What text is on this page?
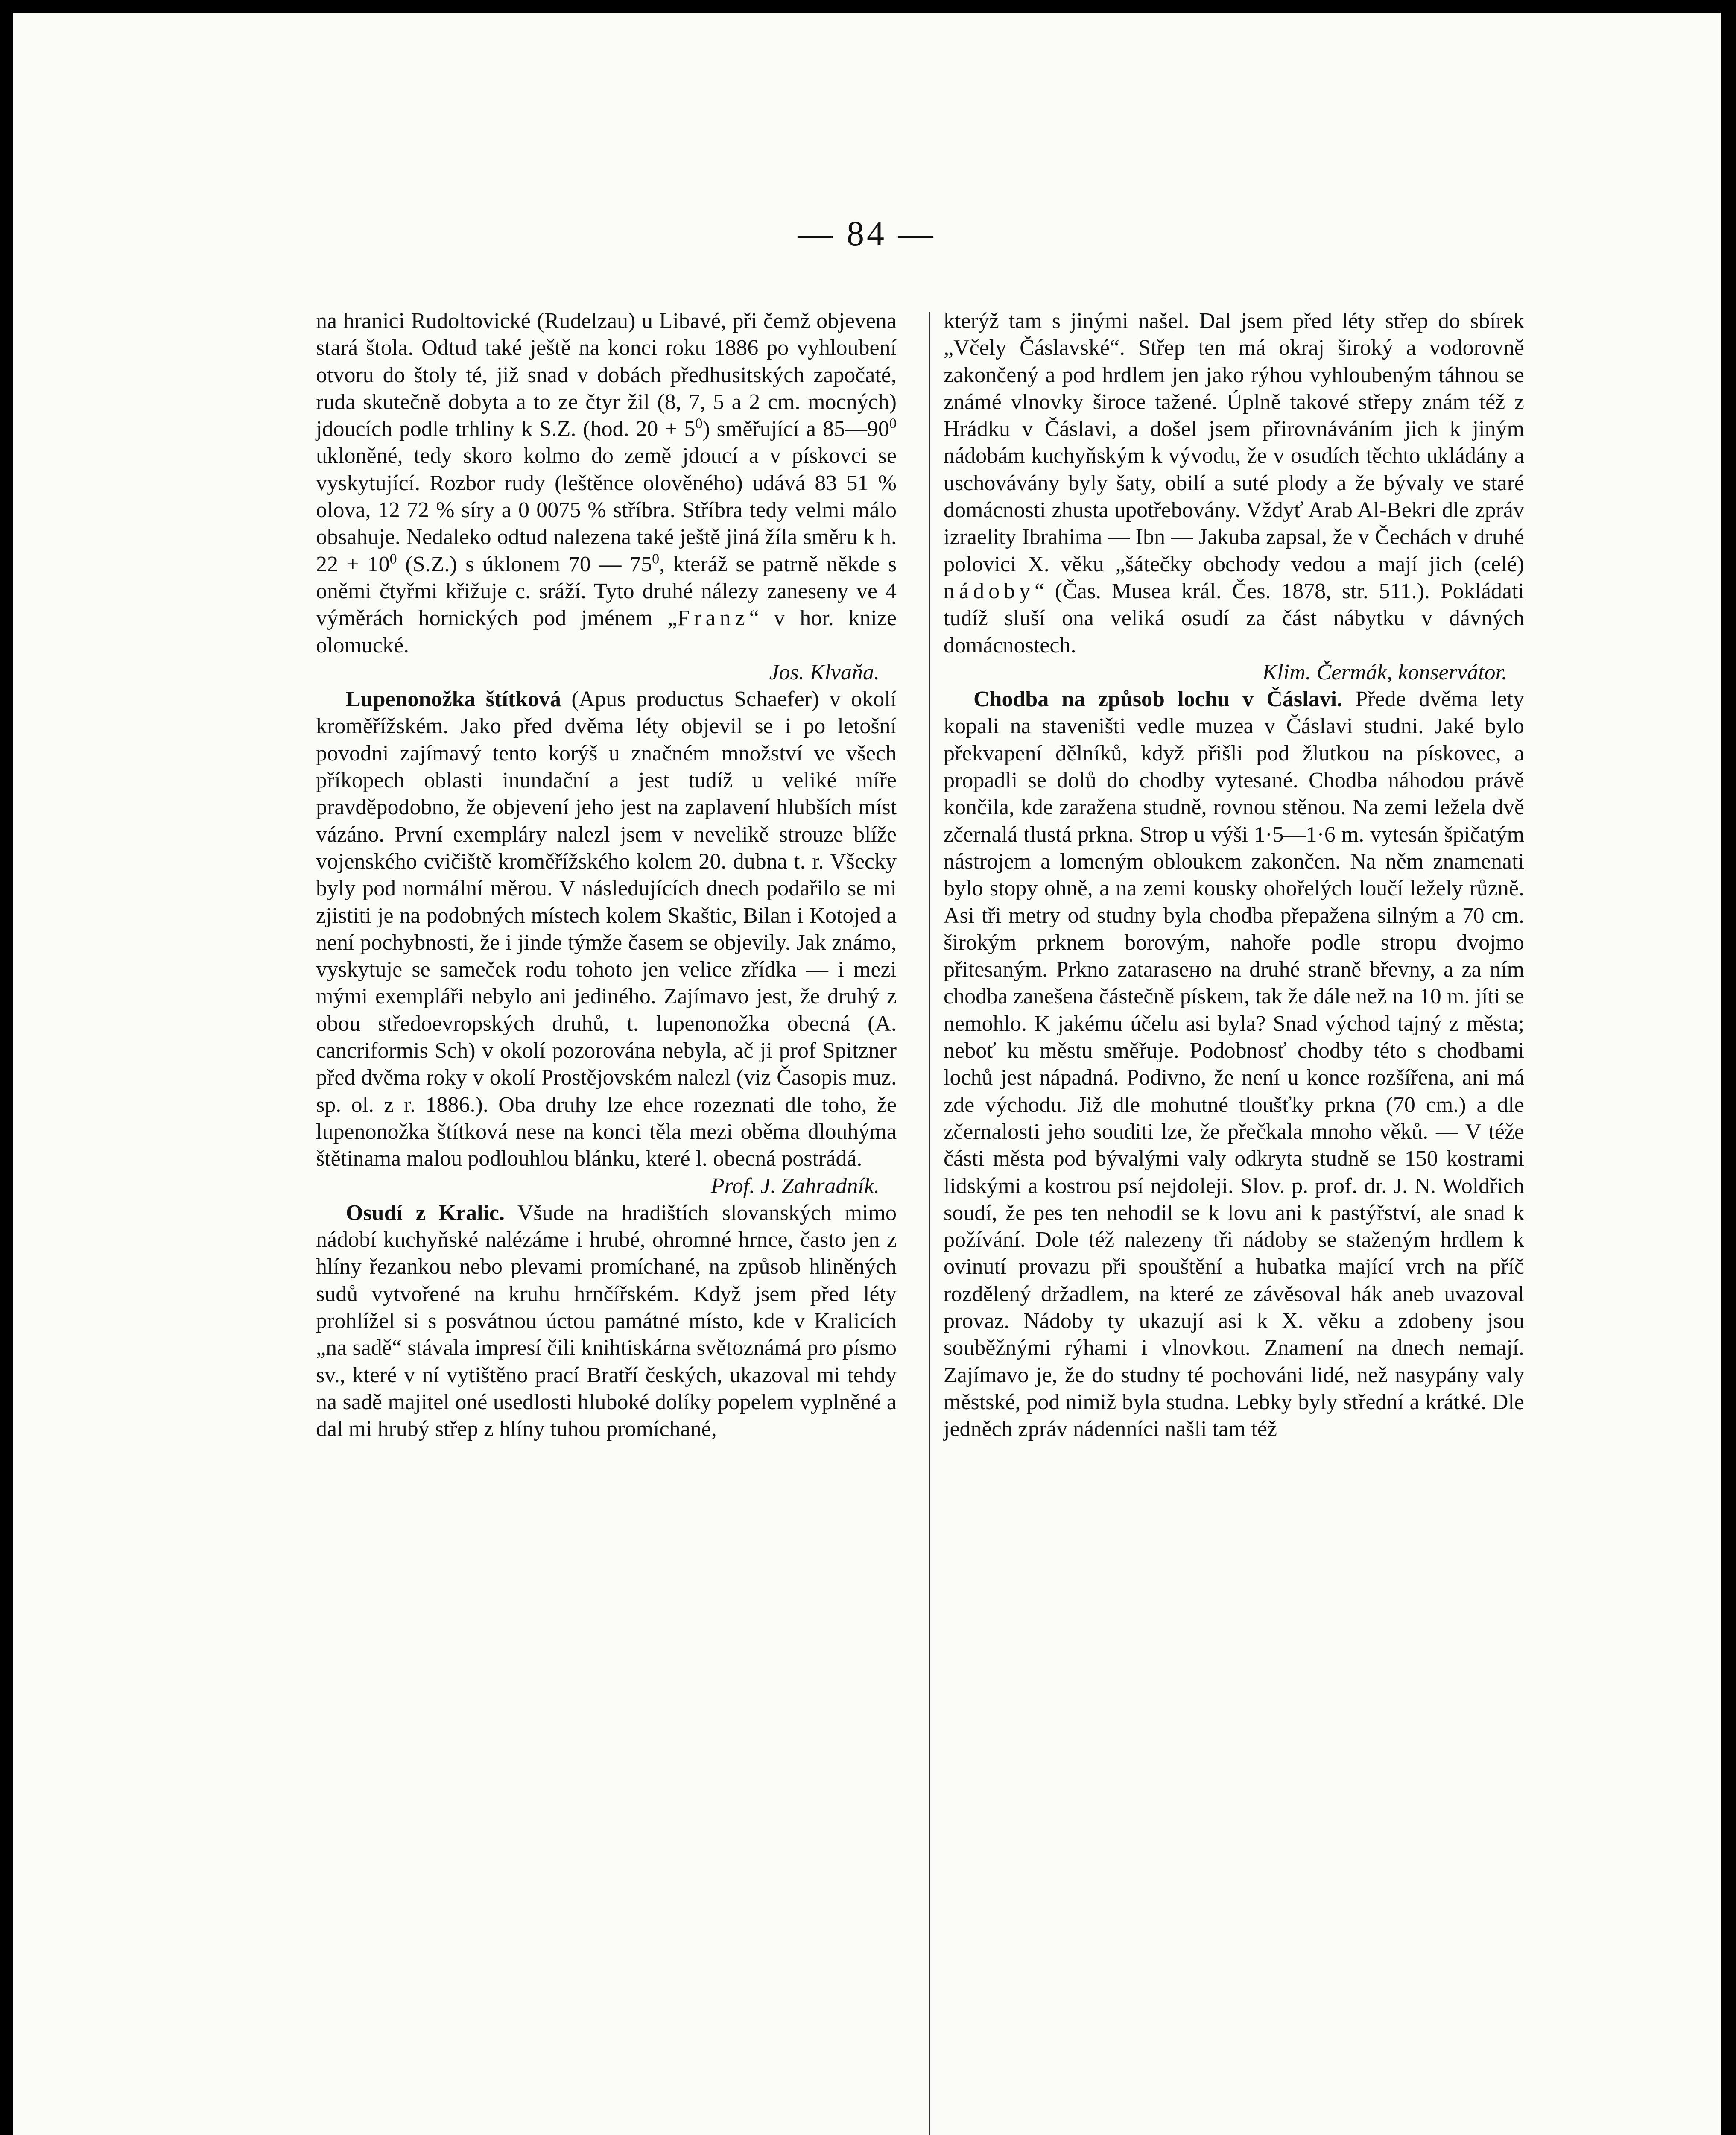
— 84 —

na hranici Rudoltovické (Rudelzau) u Libavé, při čemž objevena stará štola. Odtud také ještě na konci roku 1886 po vyhloubení otvoru do štoly té, již snad v dobách předhusitských započaté, ruda skutečně dobyta a to ze čtyr žil (8, 7, 5 a 2 cm. mocných) jdoucích podle trhliny k S.Z. (hod. $20 + 5^0$) směřující a $85—90^0$ ukloněné, tedy skoro kolmo do země jdoucí a v pískovci se vyskytující. Rozbor rudy (leštěnce olověného) udává 83 51 % olova, 12 72 % síry a 0 0075 % stříbra. Stříbra tedy velmi málo obsahuje. Nedaleko odtud nalezena také ještě jiná žíla směru k h. $22 + 10^0$ (S.Z.) s úklonem 70 — $75^0$, kteráž se patrně někde s oněmi čtyřmi křižuje c. sráží. Tyto druhé nálezy zaneseny ve 4 výměrách hornických pod jménem „Franz“ v hor. knize olomucké.

Jos. Klvaňa.

Lupenonožka štítková (Apus productus Schaefer) v okolí kroměřížském. Jako před dvěma léty objevil se i po letošní povodni zajímavý tento korýš u značném množství ve všech příkopech oblasti inundační a jest tudíž u veliké míře pravděpodobno, že objevení jeho jest na zaplavení hlubších míst vázáno. První exempláry nalezl jsem v nevelikě strouze blíže vojenského cvičiště kroměřížského kolem 20. dubna t. r. Všecky byly pod normální měrou. V následujících dnech podařilo se mi zjistiti je na podobných místech kolem Skaštic, Bilan i Kotojed a není pochybnosti, že i jinde týmže časem se objevily. Jak známo, vyskytuje se sameček rodu tohoto jen velice zřídka — i mezi mými exempláři nebylo ani jediného. Zajímavo jest, že druhý z obou středoevropských druhů, t. lupenonožka obecná (A. cancriformis Sch) v okolí pozorována nebyla, ač ji prof Spitzner před dvěma roky v okolí Prostějovském nalezl (viz Časopis muz. sp. ol. z r. 1886.). Oba druhy lze ehce rozeznati dle toho, že lupenonožka štítková nese na konci těla mezi oběma dlouhýma štětinama malou podlouhlou blánku, které l. obecná postrádá.

Prof. J. Zahradník.

Osudí z Kralic. Všude na hradištích slovanských mimo nádobí kuchyňské nalézáme i hrubé, ohromné hrnce, často jen z hlíny řezankou nebo plevami promíchané, na způsob hliněných sudů vytvořené na kruhu hrnčířském. Když jsem před léty prohlížel si s posvátnou úctou památné místo, kde v Kralicích „na sadě“ stávala impresí čili knihtiskárna světoznámá pro písmo sv., které v ní vytištěno prací Bratří českých, ukazoval mi tehdy na sadě majitel oné usedlosti hluboké dolíky popelem vyplněné a dal mi hrubý střep z hlíny tuhou promíchané,

kterýž tam s jinými našel. Dal jsem před léty střep do sbírek „Včely Čáslavské“. Střep ten má okraj široký a vodorovně zakončený a pod hrdlem jen jako rýhou vyhloubeným táhnou se známé vlnovky široce tažené. Úplně takové střepy znám též z Hrádku v Čáslavi, a došel jsem přirovnáváním jich k jiným nádobám kuchyňským k vývodu, že v osudích těchto ukládány a uschovávány byly šaty, obilí a suté plody a že bývaly ve staré domácnosti zhusta upotřebovány. Vždyť Arab Al-Bekri dle zpráv izraelity Ibrahima — Ibn — Jakuba zapsal, že v Čechách v druhé polovici X. věku „šátečky obchody vedou a mají jich (celé) nádoby“ (Čas. Musea král. Čes. 1878, str. 511.). Pokládati tudíž sluší ona veliká osudí za část nábytku v dávných domácnostech.

Klim. Čermák, konservátor.

Chodba na způsob lochu v Čáslavi. Přede dvěma lety kopali na staveništi vedle muzea v Čáslavi studni. Jaké bylo překvapení dělníků, když přišli pod žlutkou na pískovec, a propadli se dolů do chodby vytesané. Chodba náhodou právě končila, kde zaražena studně, rovnou stěnou. Na zemi ležela dvě zčernalá tlustá prkna. Strop u výši 1·5—1·6 m. vytesán špičatým nástrojem a lomeným obloukem zakončen. Na něm znamenati bylo stopy ohně, a na zemi kousky ohořelých loučí ležely různě. Asi tři metry od studny byla chodba přepažena silným a 70 cm. širokým prknem borovým, nahoře podle stropu dvojmo přitesaným. Prkno zatarasено na druhé straně břevny, a za ním chodba zanešena částečně pískem, tak že dále než na 10 m. jíti se nemohlo. K jakému účelu asi byla? Snad východ tajný z města; neboť ku městu směřuje. Podobnosť chodby této s chodbami lochů jest nápadná. Podivno, že není u konce rozšířena, ani má zde východu. Již dle mohutné tloušťky prkna (70 cm.) a dle zčernalosti jeho souditi lze, že přečkala mnoho věků. — V téže části města pod bývalými valy odkryta studně se 150 kostrami lidskými a kostrou psí nejdoleji. Slov. p. prof. dr. J. N. Woldřich soudí, že pes ten nehodil se k lovu ani k pastýřství, ale snad k požívání. Dole též nalezeny tři nádoby se staženým hrdlem k ovinutí provazu při spouštění a hubatka mající vrch na příč rozdělený držadlem, na které ze závěsoval hák aneb uvazoval provaz. Nádoby ty ukazují asi k X. věku a zdobeny jsou souběžnými rýhami i vlnovkou. Znamení na dnech nemají. Zajímavo je, že do studny té pochováni lidé, než nasypány valy městské, pod nimiž byla studna. Lebky byly střední a krátké. Dle jedněch zpráv nádenníci našli tam též
